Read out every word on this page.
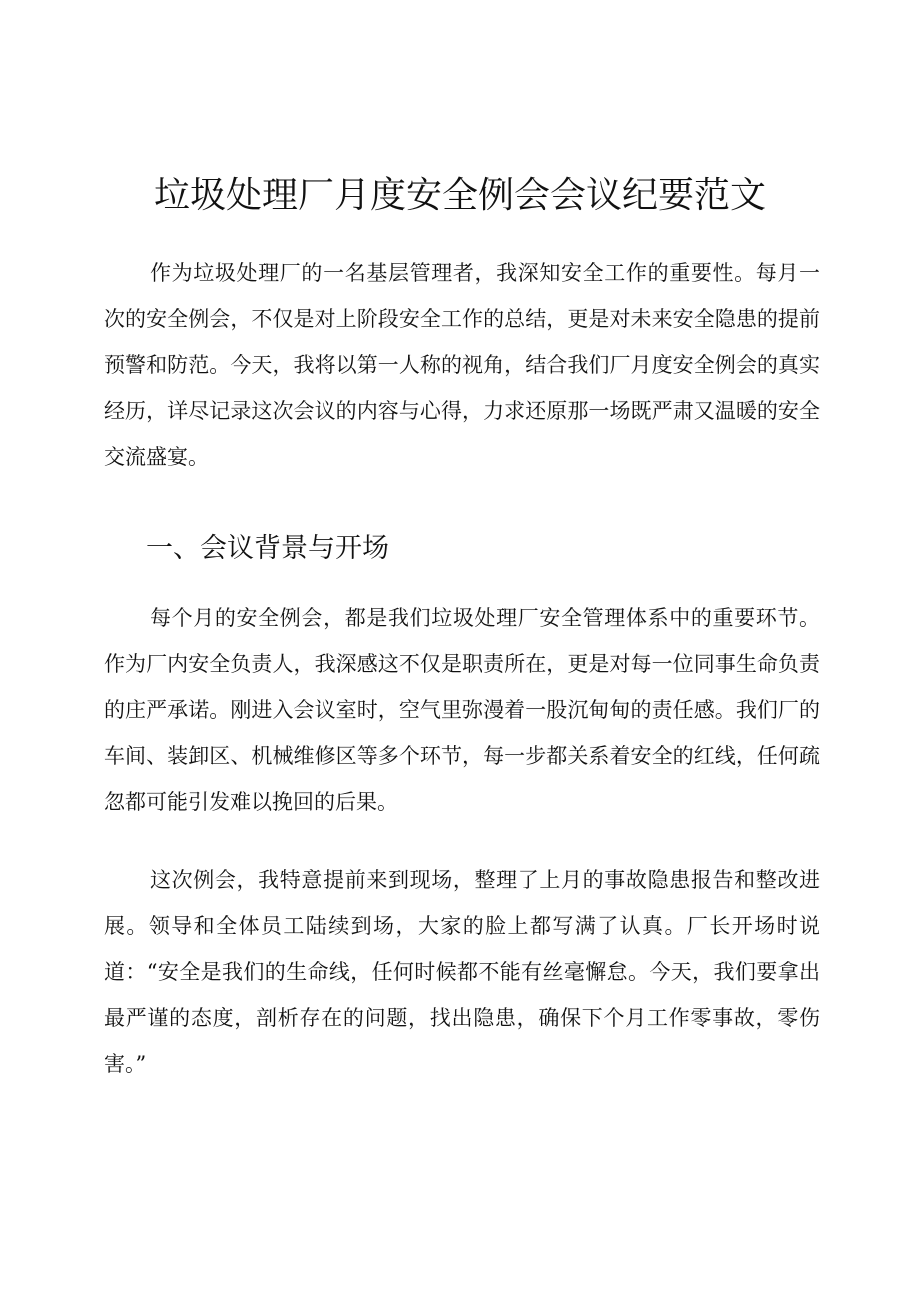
垃圾处理厂月度安全例会会议纪要范文

作为垃圾处理厂的一名基层管理者，我深知安全工作的重要性。每月一次的安全例会，不仅是对上阶段安全工作的总结，更是对未来安全隐患的提前预警和防范。今天，我将以第一人称的视角，结合我们厂月度安全例会的真实经历，详尽记录这次会议的内容与心得，力求还原那一场既严肃又温暖的安全交流盛宴。

一、会议背景与开场

每个月的安全例会，都是我们垃圾处理厂安全管理体系中的重要环节。作为厂内安全负责人，我深感这不仅是职责所在，更是对每一位同事生命负责的庄严承诺。刚进入会议室时，空气里弥漫着一股沉甸甸的责任感。我们厂的车间、装卸区、机械维修区等多个环节，每一步都关系着安全的红线，任何疏忽都可能引发难以挽回的后果。

这次例会，我特意提前来到现场，整理了上月的事故隐患报告和整改进展。领导和全体员工陆续到场，大家的脸上都写满了认真。厂长开场时说道：“安全是我们的生命线，任何时候都不能有丝毫懈怠。今天，我们要拿出最严谨的态度，剖析存在的问题，找出隐患，确保下个月工作零事故，零伤害。”
